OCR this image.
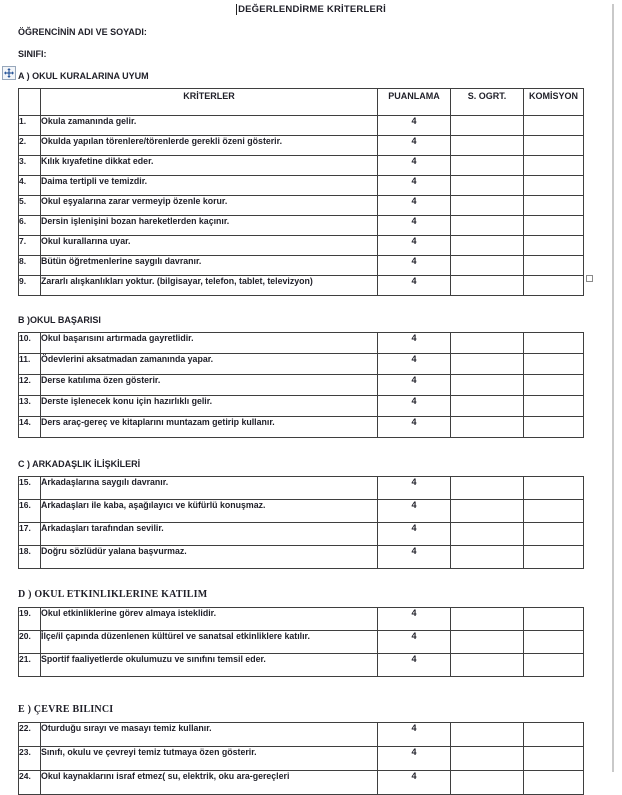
DEĞERLENDİRME KRİTERLERİ
ÖĞRENCİNİN ADI VE SOYADI:
SINIFI:
A ) OKUL KURALARINA UYUM
	KRİTERLER	PUANLAMA	S. OGRT.	KOMİSYON
1.	Okula zamanında gelir.	4		
2.	Okulda yapılan törenlere/törenlerde gerekli özeni gösterir.	4		
3.	Kılık kıyafetine dikkat eder.	4		
4.	Daima tertipli ve temizdir.	4		
5.	Okul eşyalarına zarar vermeyip özenle korur.	4		
6.	Dersin işlenişini bozan hareketlerden kaçınır.	4		
7.	Okul kurallarına uyar.	4		
8.	Bütün öğretmenlerine saygılı davranır.	4		
9.	Zararlı alışkanlıkları yoktur. (bilgisayar, telefon, tablet, televizyon)	4		
B )OKUL BAŞARISI
10.	Okul başarısını artırmada gayretlidir.	4		
11.	Ödevlerini aksatmadan zamanında yapar.	4		
12.	Derse katılıma özen gösterir.	4		
13.	Derste işlenecek konu için hazırlıklı gelir.	4		
14.	Ders araç-gereç ve kitaplarını muntazam getirip kullanır.	4		
C ) ARKADAŞLIK İLİŞKİLERİ
15.	Arkadaşlarına saygılı davranır.	4		
16.	Arkadaşları ile kaba, aşağılayıcı ve küfürlü konuşmaz.	4		
17.	Arkadaşları tarafından sevilir.	4		
18.	Doğru sözlüdür yalana başvurmaz.	4		
D ) OKUL ETKINLIKLERINE KATILIM
19.	Okul etkinliklerine görev almaya isteklidir.	4		
20.	İlçe/il çapında düzenlenen kültürel ve sanatsal etkinliklere katılır.	4		
21.	Sportif faaliyetlerde okulumuzu ve sınıfını temsil eder.	4		
E ) ÇEVRE BILINCI
22.	Oturduğu sırayı ve masayı temiz kullanır.	4		
23.	Sınıfı, okulu ve çevreyi temiz tutmaya özen gösterir.	4		
24.	Okul kaynaklarını israf etmez( su, elektrik, oku ara-gereçleri	4		
